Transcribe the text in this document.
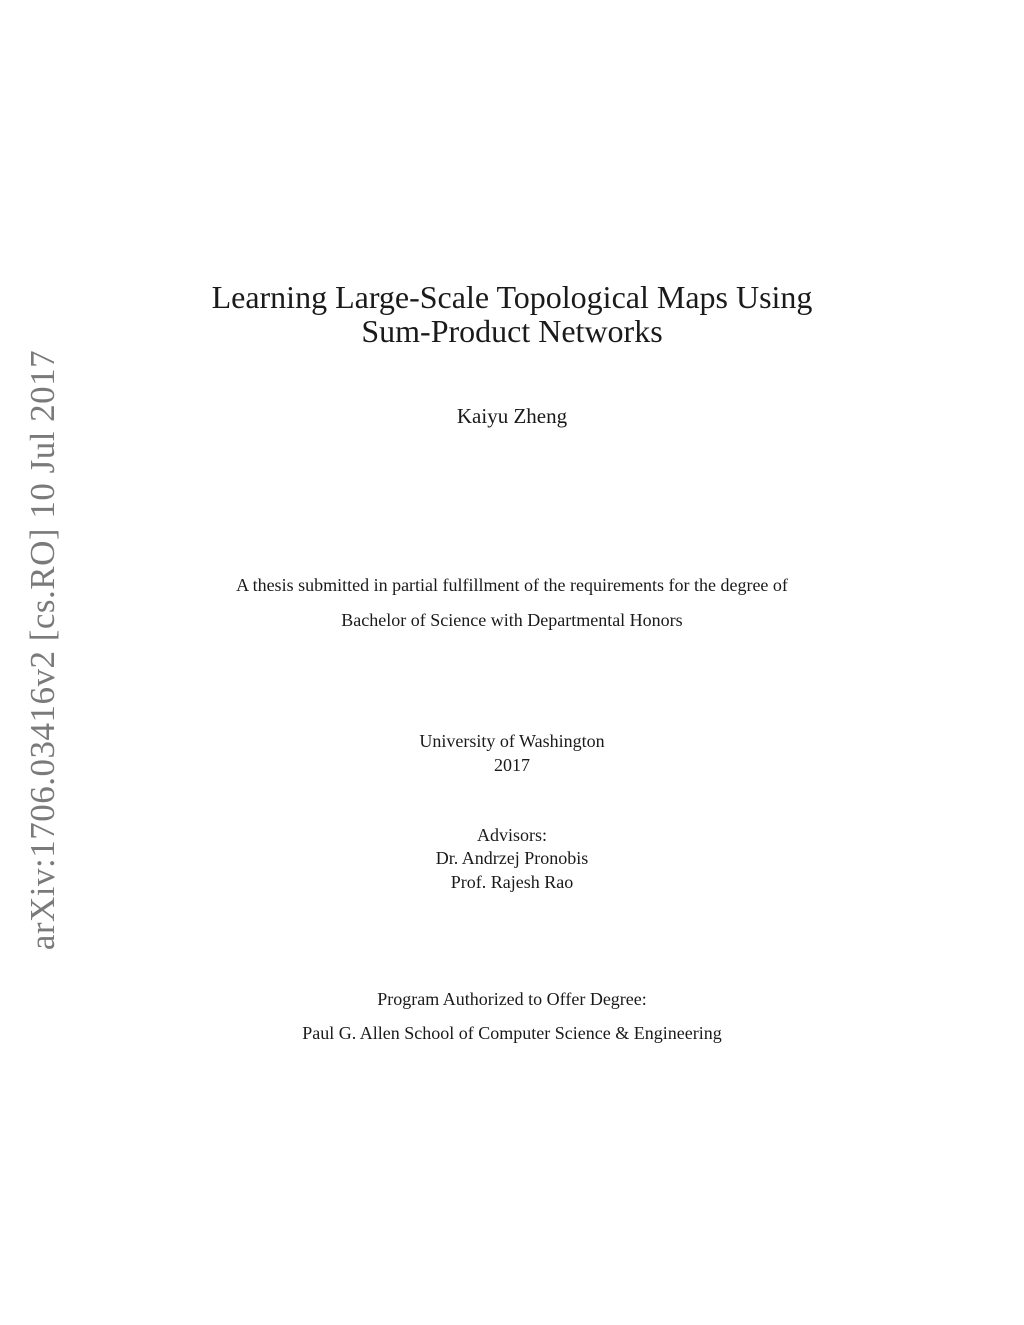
arXiv:1706.03416v2 [cs.RO] 10 Jul 2017
Learning Large-Scale Topological Maps Using
Sum-Product Networks
Kaiyu Zheng
A thesis submitted in partial fulfillment of the requirements for the degree of
Bachelor of Science with Departmental Honors
University of Washington
2017
Advisors:
Dr. Andrzej Pronobis
Prof. Rajesh Rao
Program Authorized to Offer Degree:
Paul G. Allen School of Computer Science & Engineering
